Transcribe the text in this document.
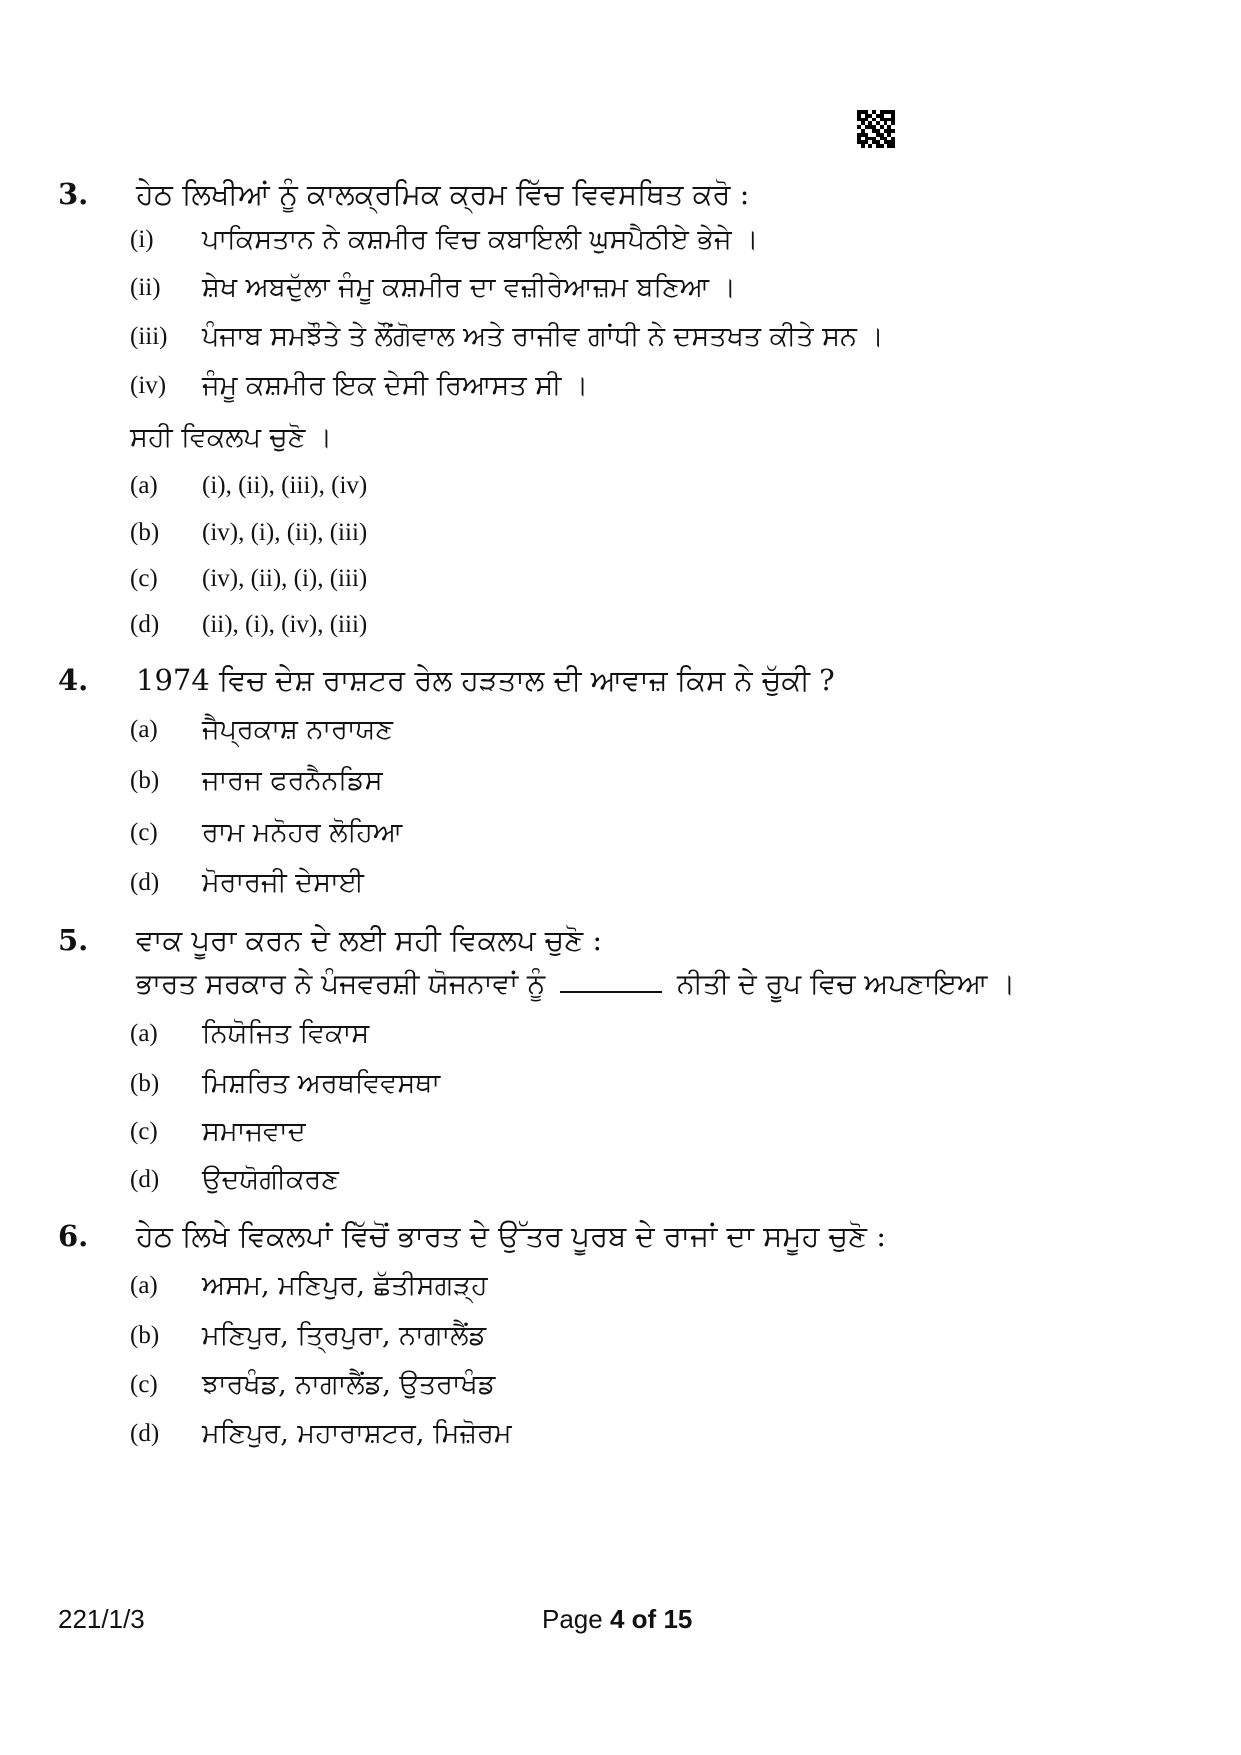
3. ਹੇਠ ਲਿਖੀਆਂ ਨੂੰ ਕਾਲਕ੍ਰਮਿਕ ਕ੍ਰਮ ਵਿੱਚ ਵਿਵਸਥਿਤ ਕਰੋ :
(i) ਪਾਕਿਸਤਾਨ ਨੇ ਕਸ਼ਮੀਰ ਵਿਚ ਕਬਾਇਲੀ ਘੁਸਪੈਠੀਏ ਭੇਜੇ ।
(ii) ਸ਼ੇਖ ਅਬਦੁੱਲਾ ਜੰਮੂ ਕਸ਼ਮੀਰ ਦਾ ਵਜ਼ੀਰੇਆਜ਼ਮ ਬਣਿਆ ।
(iii) ਪੰਜਾਬ ਸਮਝੌਤੇ ਤੇ ਲੌਂਗੋਵਾਲ ਅਤੇ ਰਾਜੀਵ ਗਾਂਧੀ ਨੇ ਦਸਤਖਤ ਕੀਤੇ ਸਨ ।
(iv) ਜੰਮੂ ਕਸ਼ਮੀਰ ਇਕ ਦੇਸੀ ਰਿਆਸਤ ਸੀ ।
ਸਹੀ ਵਿਕਲਪ ਚੁਣੋ ।
(a) (i), (ii), (iii), (iv)
(b) (iv), (i), (ii), (iii)
(c) (iv), (ii), (i), (iii)
(d) (ii), (i), (iv), (iii)
4. 1974 ਵਿਚ ਦੇਸ਼ ਰਾਸ਼ਟਰ ਰੇਲ ਹੜਤਾਲ ਦੀ ਆਵਾਜ਼ ਕਿਸ ਨੇ ਚੁੱਕੀ ?
(a) ਜੈਪ੍ਰਕਾਸ਼ ਨਾਰਾਯਣ
(b) ਜਾਰਜ ਫਰਨੈਨਡਿਸ
(c) ਰਾਮ ਮਨੋਹਰ ਲੋਹਿਆ
(d) ਮੋਰਾਰਜੀ ਦੇਸਾਈ
5. ਵਾਕ ਪੂਰਾ ਕਰਨ ਦੇ ਲਈ ਸਹੀ ਵਿਕਲਪ ਚੁਣੋ :
ਭਾਰਤ ਸਰਕਾਰ ਨੇ ਪੰਜਵਰਸ਼ੀ ਯੋਜਨਾਵਾਂ ਨੂੰ	ਨੀਤੀ ਦੇ ਰੂਪ ਵਿਚ ਅਪਣਾਇਆ ।
(a) ਨਿਯੋਜਿਤ ਵਿਕਾਸ
(b) ਮਿਸ਼ਰਿਤ ਅਰਥਵਿਵਸਥਾ
(c) ਸਮਾਜਵਾਦ
(d) ਉਦਯੋਗੀਕਰਣ
6. ਹੇਠ ਲਿਖੇ ਵਿਕਲਪਾਂ ਵਿੱਚੋਂ ਭਾਰਤ ਦੇ ਉੱਤਰ ਪੂਰਬ ਦੇ ਰਾਜਾਂ ਦਾ ਸਮੂਹ ਚੁਣੋ :
(a) ਅਸਮ, ਮਣਿਪੁਰ, ਛੱਤੀਸਗੜ੍ਹ
(b) ਮਣਿਪੁਰ, ਤ੍ਰਿਪੁਰਾ, ਨਾਗਾਲੈਂਡ
(c) ਝਾਰਖੰਡ, ਨਾਗਾਲੈਂਡ, ਉਤਰਾਖੰਡ
(d) ਮਣਿਪੁਰ, ਮਹਾਰਾਸ਼ਟਰ, ਮਿਜ਼ੋਰਮ
221/1/3	Page 4 of 15
